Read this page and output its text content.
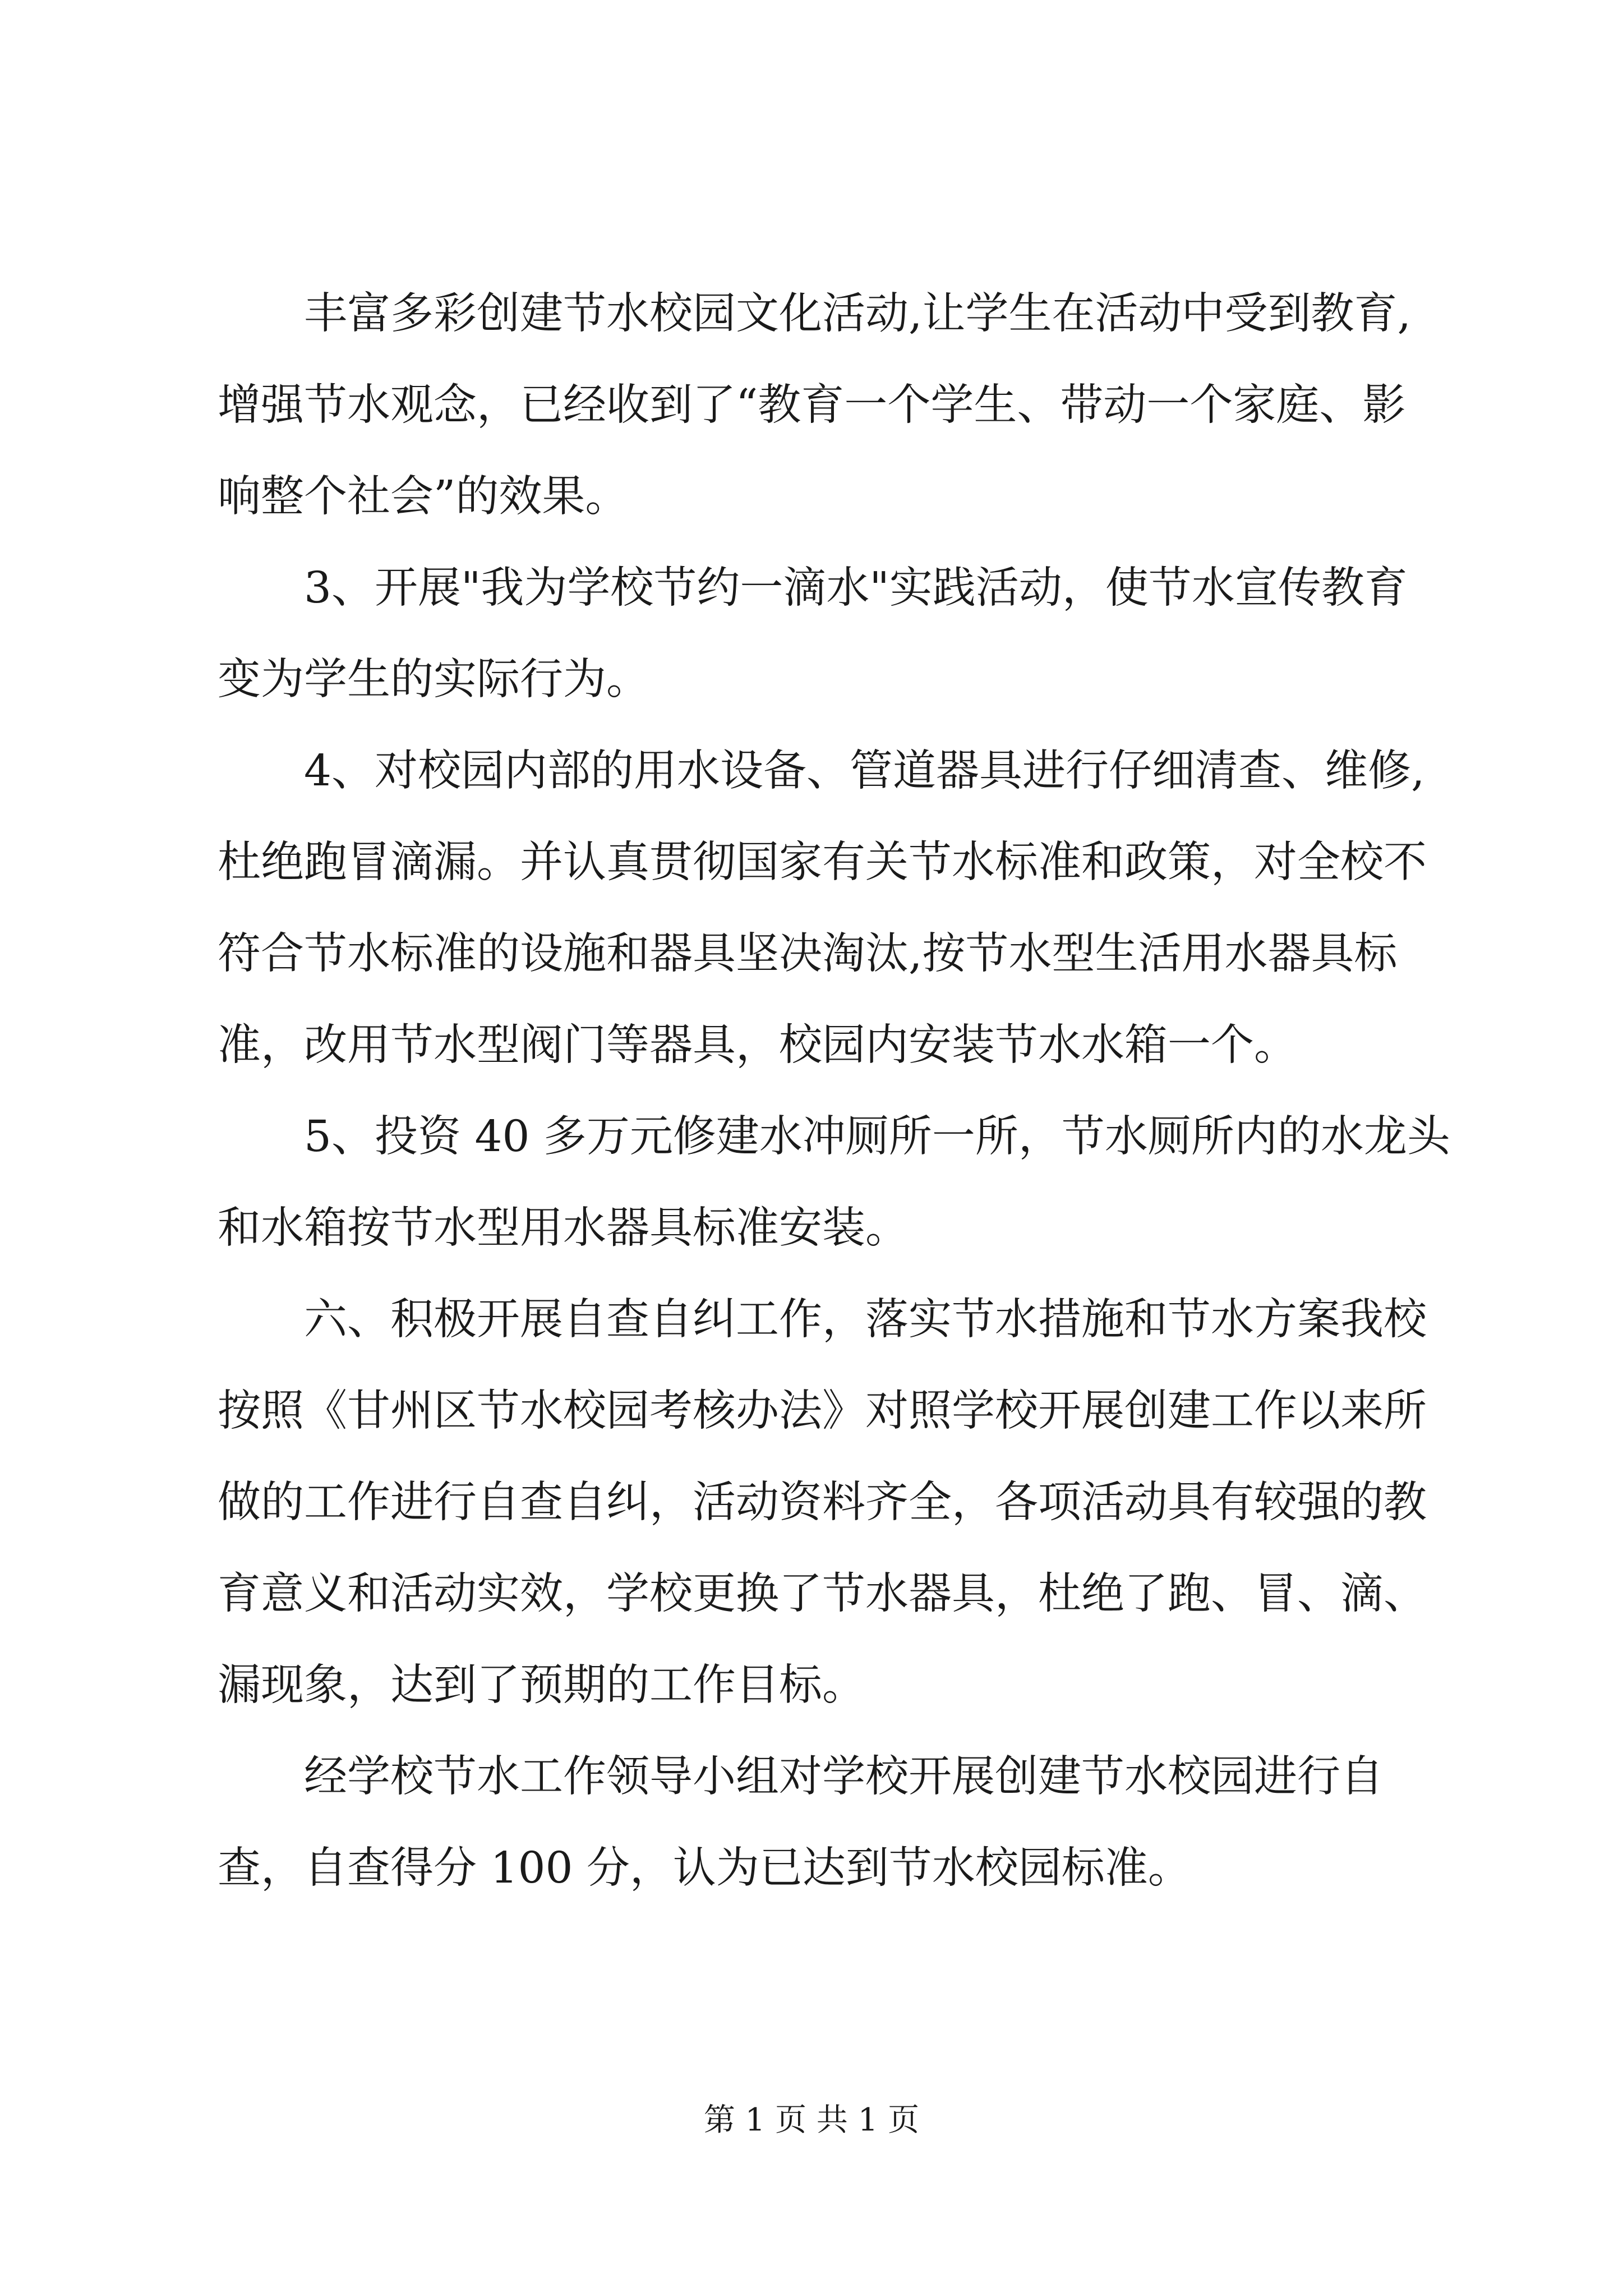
丰富多彩创建节水校园文化活动,让学生在活动中受到教育,
增强节水观念，已经收到了“教育一个学生、带动一个家庭、影
响整个社会”的效果。
3、开展"我为学校节约一滴水"实践活动，使节水宣传教育
变为学生的实际行为。
4、对校园内部的用水设备、管道器具进行仔细清查、维修,
杜绝跑冒滴漏。并认真贯彻国家有关节水标准和政策，对全校不
符合节水标准的设施和器具坚决淘汰,按节水型生活用水器具标
准，改用节水型阀门等器具，校园内安装节水水箱一个。
5、投资 40 多万元修建水冲厕所一所，节水厕所内的水龙头
和水箱按节水型用水器具标准安装。
六、积极开展自查自纠工作，落实节水措施和节水方案我校
按照《甘州区节水校园考核办法》对照学校开展创建工作以来所
做的工作进行自查自纠，活动资料齐全，各项活动具有较强的教
育意义和活动实效，学校更换了节水器具，杜绝了跑、冒、滴、
漏现象，达到了预期的工作目标。
经学校节水工作领导小组对学校开展创建节水校园进行自
查，自查得分 100 分，认为已达到节水校园标准。
第 1 页 共 1 页
